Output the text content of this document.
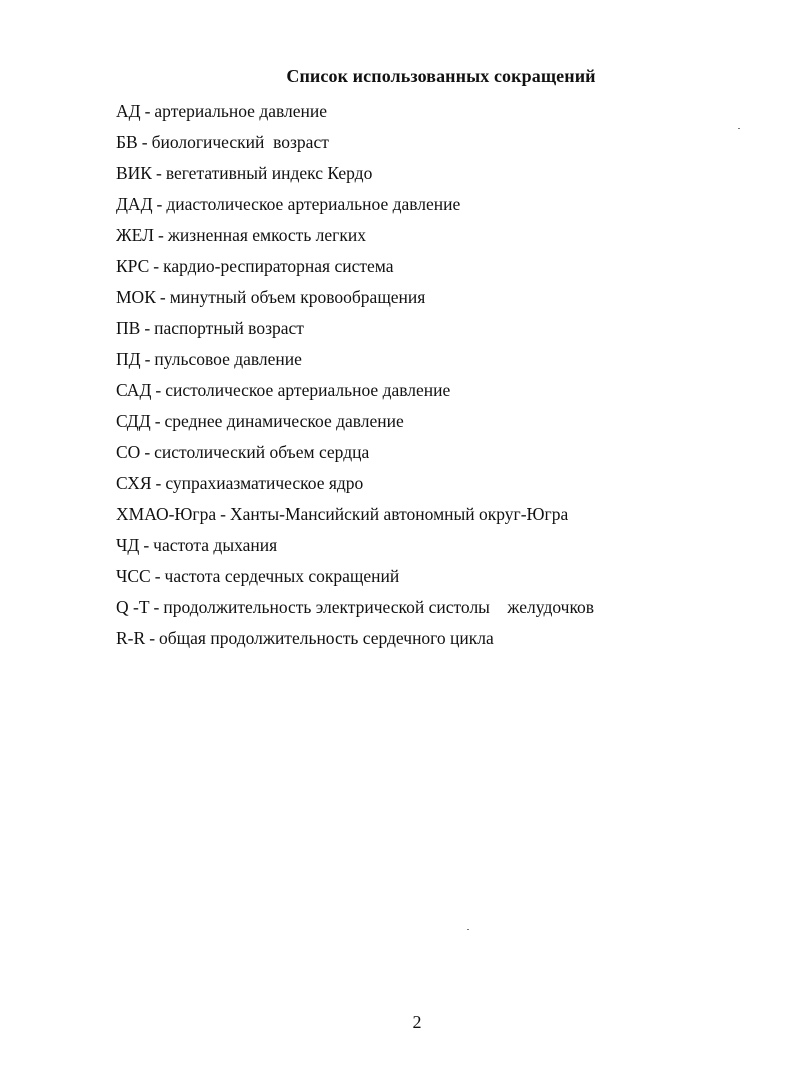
Список использованных сокращений
АД - артериальное давление
БВ - биологический  возраст
ВИК - вегетативный индекс Кердо
ДАД - диастолическое артериальное давление
ЖЕЛ - жизненная емкость легких
КРС - кардио-респираторная система
МОК - минутный объем кровообращения
ПВ - паспортный возраст
ПД - пульсовое давление
САД - систолическое артериальное давление
СДД - среднее динамическое давление
СО - систолический объем сердца
СХЯ - супрахиазматическое ядро
ХМАО-Югра - Ханты-Мансийский автономный округ-Югра
ЧД - частота дыхания
ЧСС - частота сердечных сокращений
Q -Т - продолжительность электрической систолы    желудочков
R-R - общая продолжительность сердечного цикла
2
